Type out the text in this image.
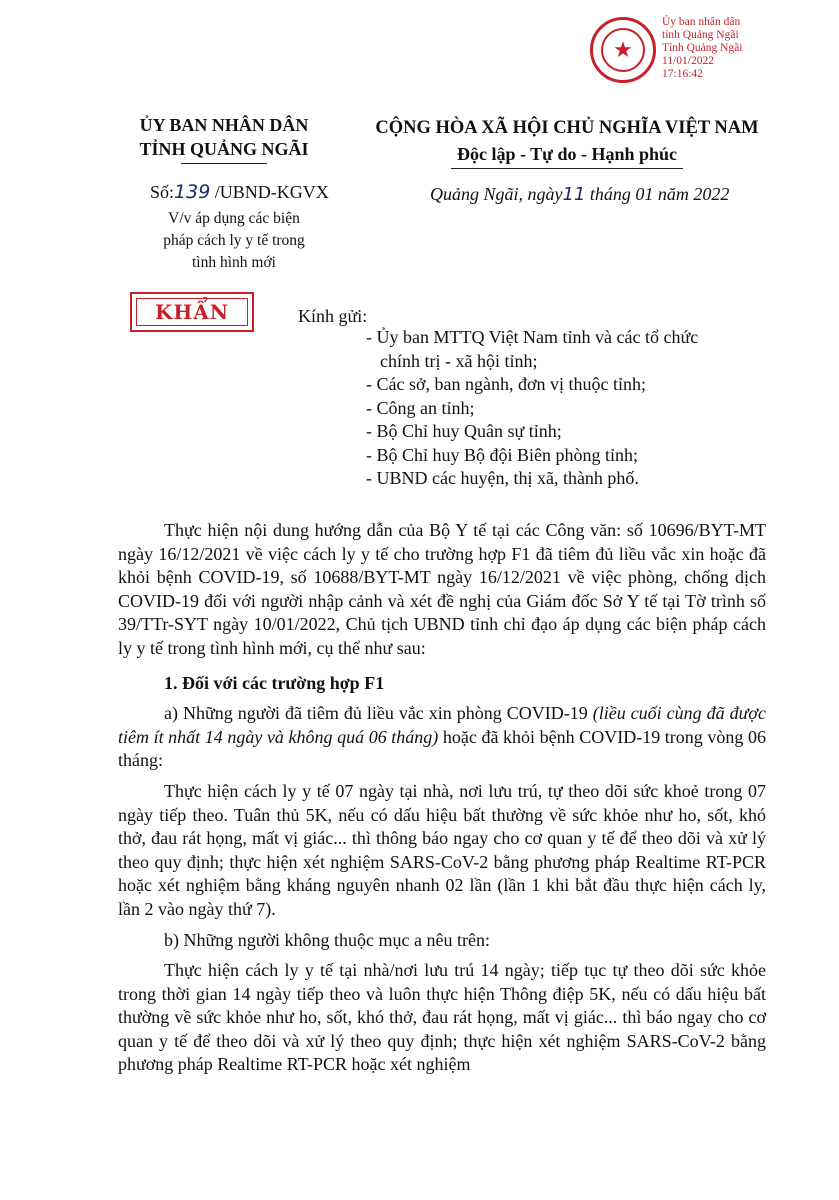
★
Ủy ban nhân dân
tỉnh Quảng Ngãi
Tỉnh Quảng Ngãi
11/01/2022
17:16:42
ỦY BAN NHÂN DÂN
TỈNH QUẢNG NGÃI
CỘNG HÒA XÃ HỘI CHỦ NGHĨA VIỆT NAM
Độc lập - Tự do - Hạnh phúc
Số:139 /UBND-KGVX
V/v áp dụng các biện
pháp cách ly y tế trong
tình hình mới
Quảng Ngãi, ngày11 tháng 01 năm 2022
KHẨN	Kính gửi:
- Ủy ban MTTQ Việt Nam tỉnh và các tổ chức
chính trị - xã hội tỉnh;
- Các sở, ban ngành, đơn vị thuộc tỉnh;
- Công an tỉnh;
- Bộ Chỉ huy Quân sự tỉnh;
- Bộ Chỉ huy Bộ đội Biên phòng tỉnh;
- UBND các huyện, thị xã, thành phố.

Thực hiện nội dung hướng dẫn của Bộ Y tế tại các Công văn: số 10696/BYT-MT ngày 16/12/2021 về việc cách ly y tế cho trường hợp F1 đã tiêm đủ liều vắc xin hoặc đã khỏi bệnh COVID-19, số 10688/BYT-MT ngày 16/12/2021 về việc phòng, chống dịch COVID-19 đối với người nhập cảnh và xét đề nghị của Giám đốc Sở Y tế tại Tờ trình số 39/TTr-SYT ngày 10/01/2022, Chủ tịch UBND tỉnh chỉ đạo áp dụng các biện pháp cách ly y tế trong tình hình mới, cụ thể như sau:

1. Đối với các trường hợp F1

a) Những người đã tiêm đủ liều vắc xin phòng COVID-19 (liều cuối cùng đã được tiêm ít nhất 14 ngày và không quá 06 tháng) hoặc đã khỏi bệnh COVID-19 trong vòng 06 tháng:

Thực hiện cách ly y tế 07 ngày tại nhà, nơi lưu trú, tự theo dõi sức khoẻ trong 07 ngày tiếp theo. Tuân thủ 5K, nếu có dấu hiệu bất thường về sức khỏe như ho, sốt, khó thở, đau rát họng, mất vị giác... thì thông báo ngay cho cơ quan y tế để theo dõi và xử lý theo quy định; thực hiện xét nghiệm SARS-CoV-2 bằng phương pháp Realtime RT-PCR hoặc xét nghiệm bằng kháng nguyên nhanh 02 lần (lần 1 khi bắt đầu thực hiện cách ly, lần 2 vào ngày thứ 7).

b) Những người không thuộc mục a nêu trên:

Thực hiện cách ly y tế tại nhà/nơi lưu trú 14 ngày; tiếp tục tự theo dõi sức khỏe trong thời gian 14 ngày tiếp theo và luôn thực hiện Thông điệp 5K, nếu có dấu hiệu bất thường về sức khỏe như ho, sốt, khó thở, đau rát họng, mất vị giác... thì báo ngay cho cơ quan y tế để theo dõi và xử lý theo quy định; thực hiện xét nghiệm SARS-CoV-2 bằng phương pháp Realtime RT-PCR hoặc xét nghiệm
